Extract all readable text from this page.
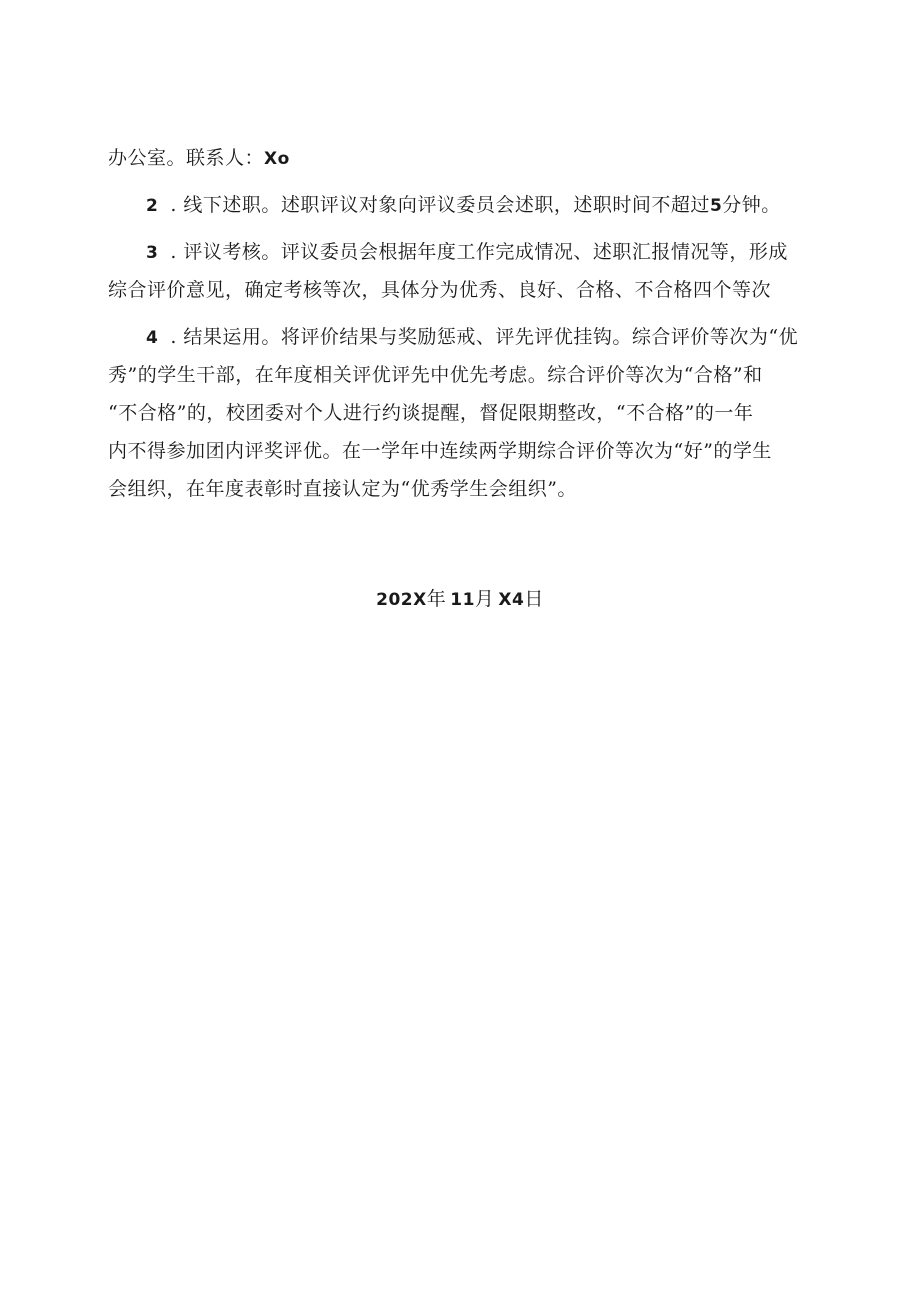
办公室。联系人：Xo
2 . 线下述职。述职评议对象向评议委员会述职，述职时间不超过5分钟。
3 . 评议考核。评议委员会根据年度工作完成情况、述职汇报情况等，形成
综合评价意见，确定考核等次，具体分为优秀、良好、合格、不合格四个等次
4 . 结果运用。将评价结果与奖励惩戒、评先评优挂钩。综合评价等次为“优
秀”的学生干部，在年度相关评优评先中优先考虑。综合评价等次为“合格”和
“不合格”的，校团委对个人进行约谈提醒，督促限期整改，“不合格”的一年
内不得参加团内评奖评优。在一学年中连续两学期综合评价等次为“好”的学生
会组织，在年度表彰时直接认定为“优秀学生会组织”。
202X年 11月 X4日
